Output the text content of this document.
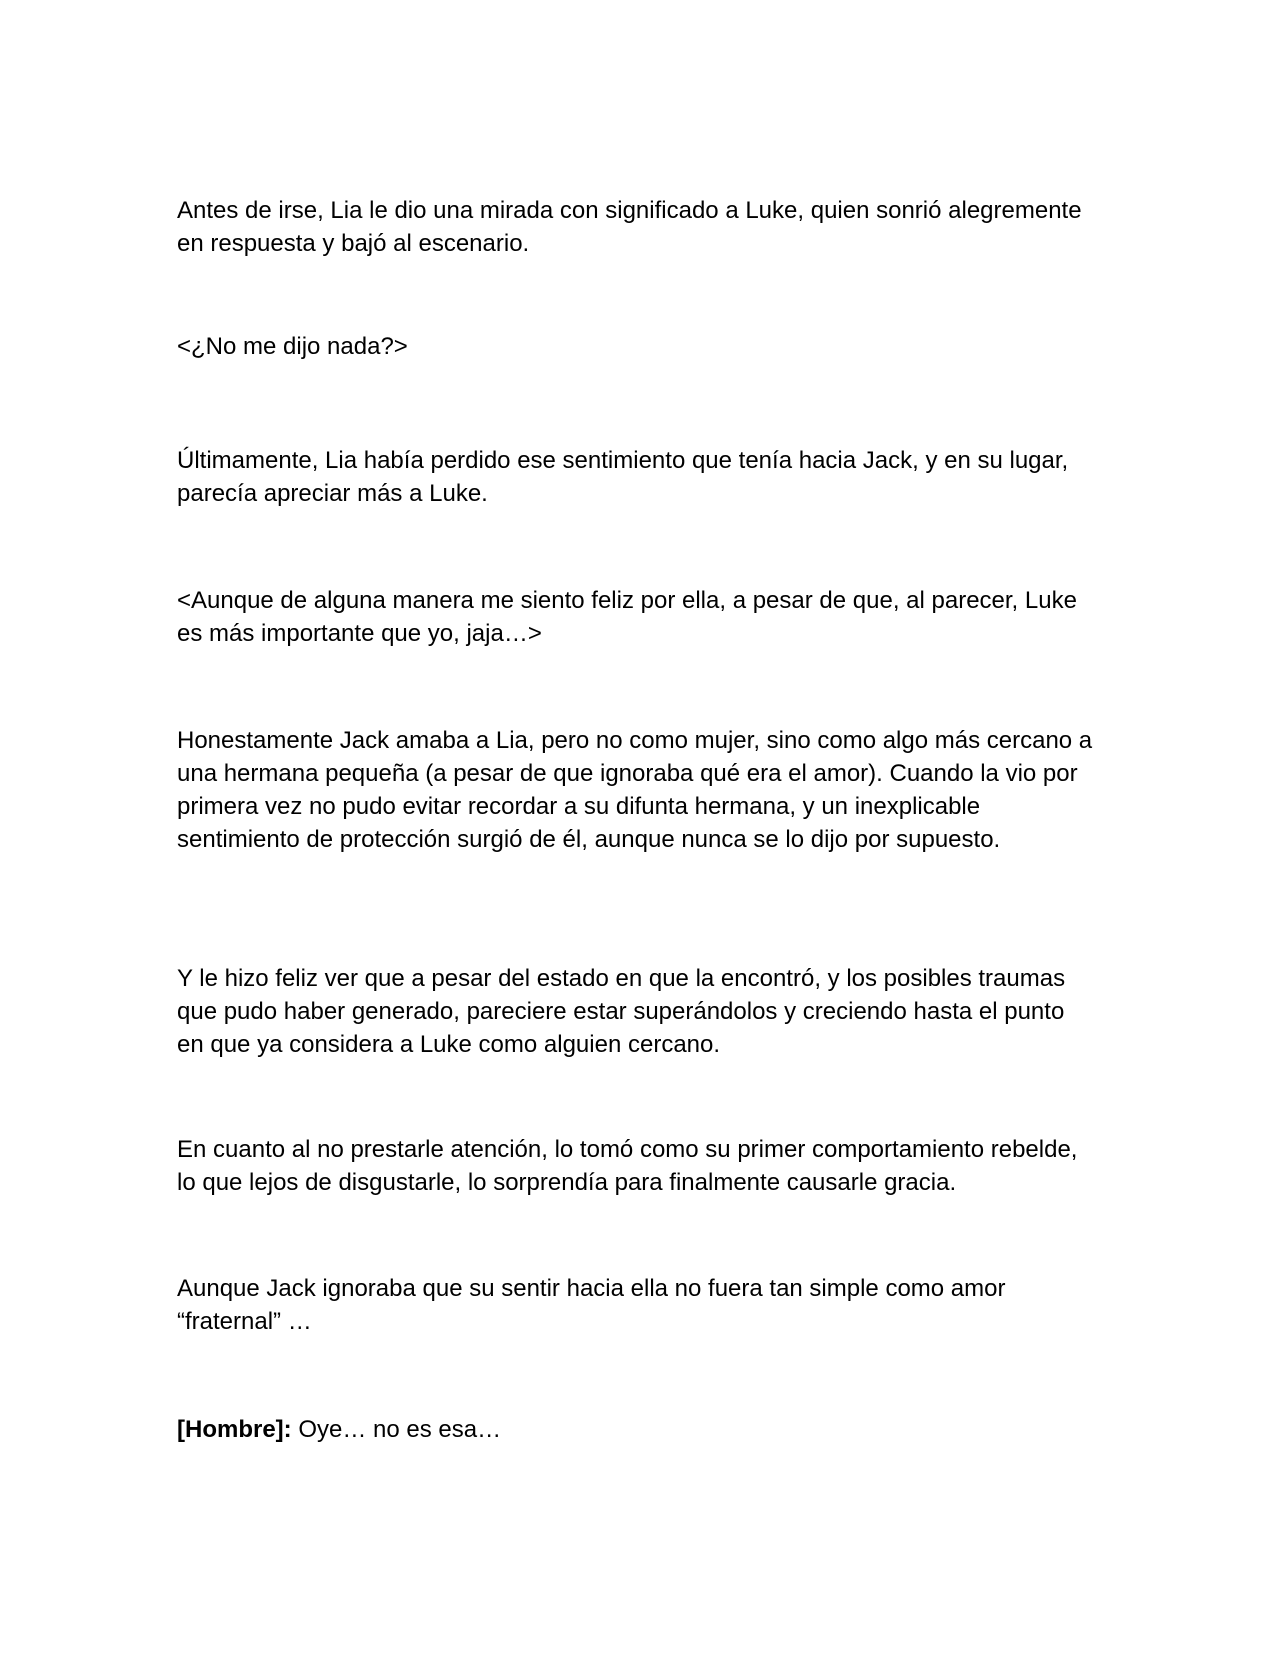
Antes de irse, Lia le dio una mirada con significado a Luke, quien sonrió alegremente en respuesta y bajó al escenario.

<¿No me dijo nada?>

Últimamente, Lia había perdido ese sentimiento que tenía hacia Jack, y en su lugar, parecía apreciar más a Luke.

<Aunque de alguna manera me siento feliz por ella, a pesar de que, al parecer, Luke es más importante que yo, jaja…>

Honestamente Jack amaba a Lia, pero no como mujer, sino como algo más cercano a una hermana pequeña (a pesar de que ignoraba qué era el amor). Cuando la vio por primera vez no pudo evitar recordar a su difunta hermana, y un inexplicable sentimiento de protección surgió de él, aunque nunca se lo dijo por supuesto.

Y le hizo feliz ver que a pesar del estado en que la encontró, y los posibles traumas que pudo haber generado, pareciere estar superándolos y creciendo hasta el punto en que ya considera a Luke como alguien cercano.

En cuanto al no prestarle atención, lo tomó como su primer comportamiento rebelde, lo que lejos de disgustarle, lo sorprendía para finalmente causarle gracia.

Aunque Jack ignoraba que su sentir hacia ella no fuera tan simple como amor “fraternal” …

[Hombre]: Oye… no es esa…
